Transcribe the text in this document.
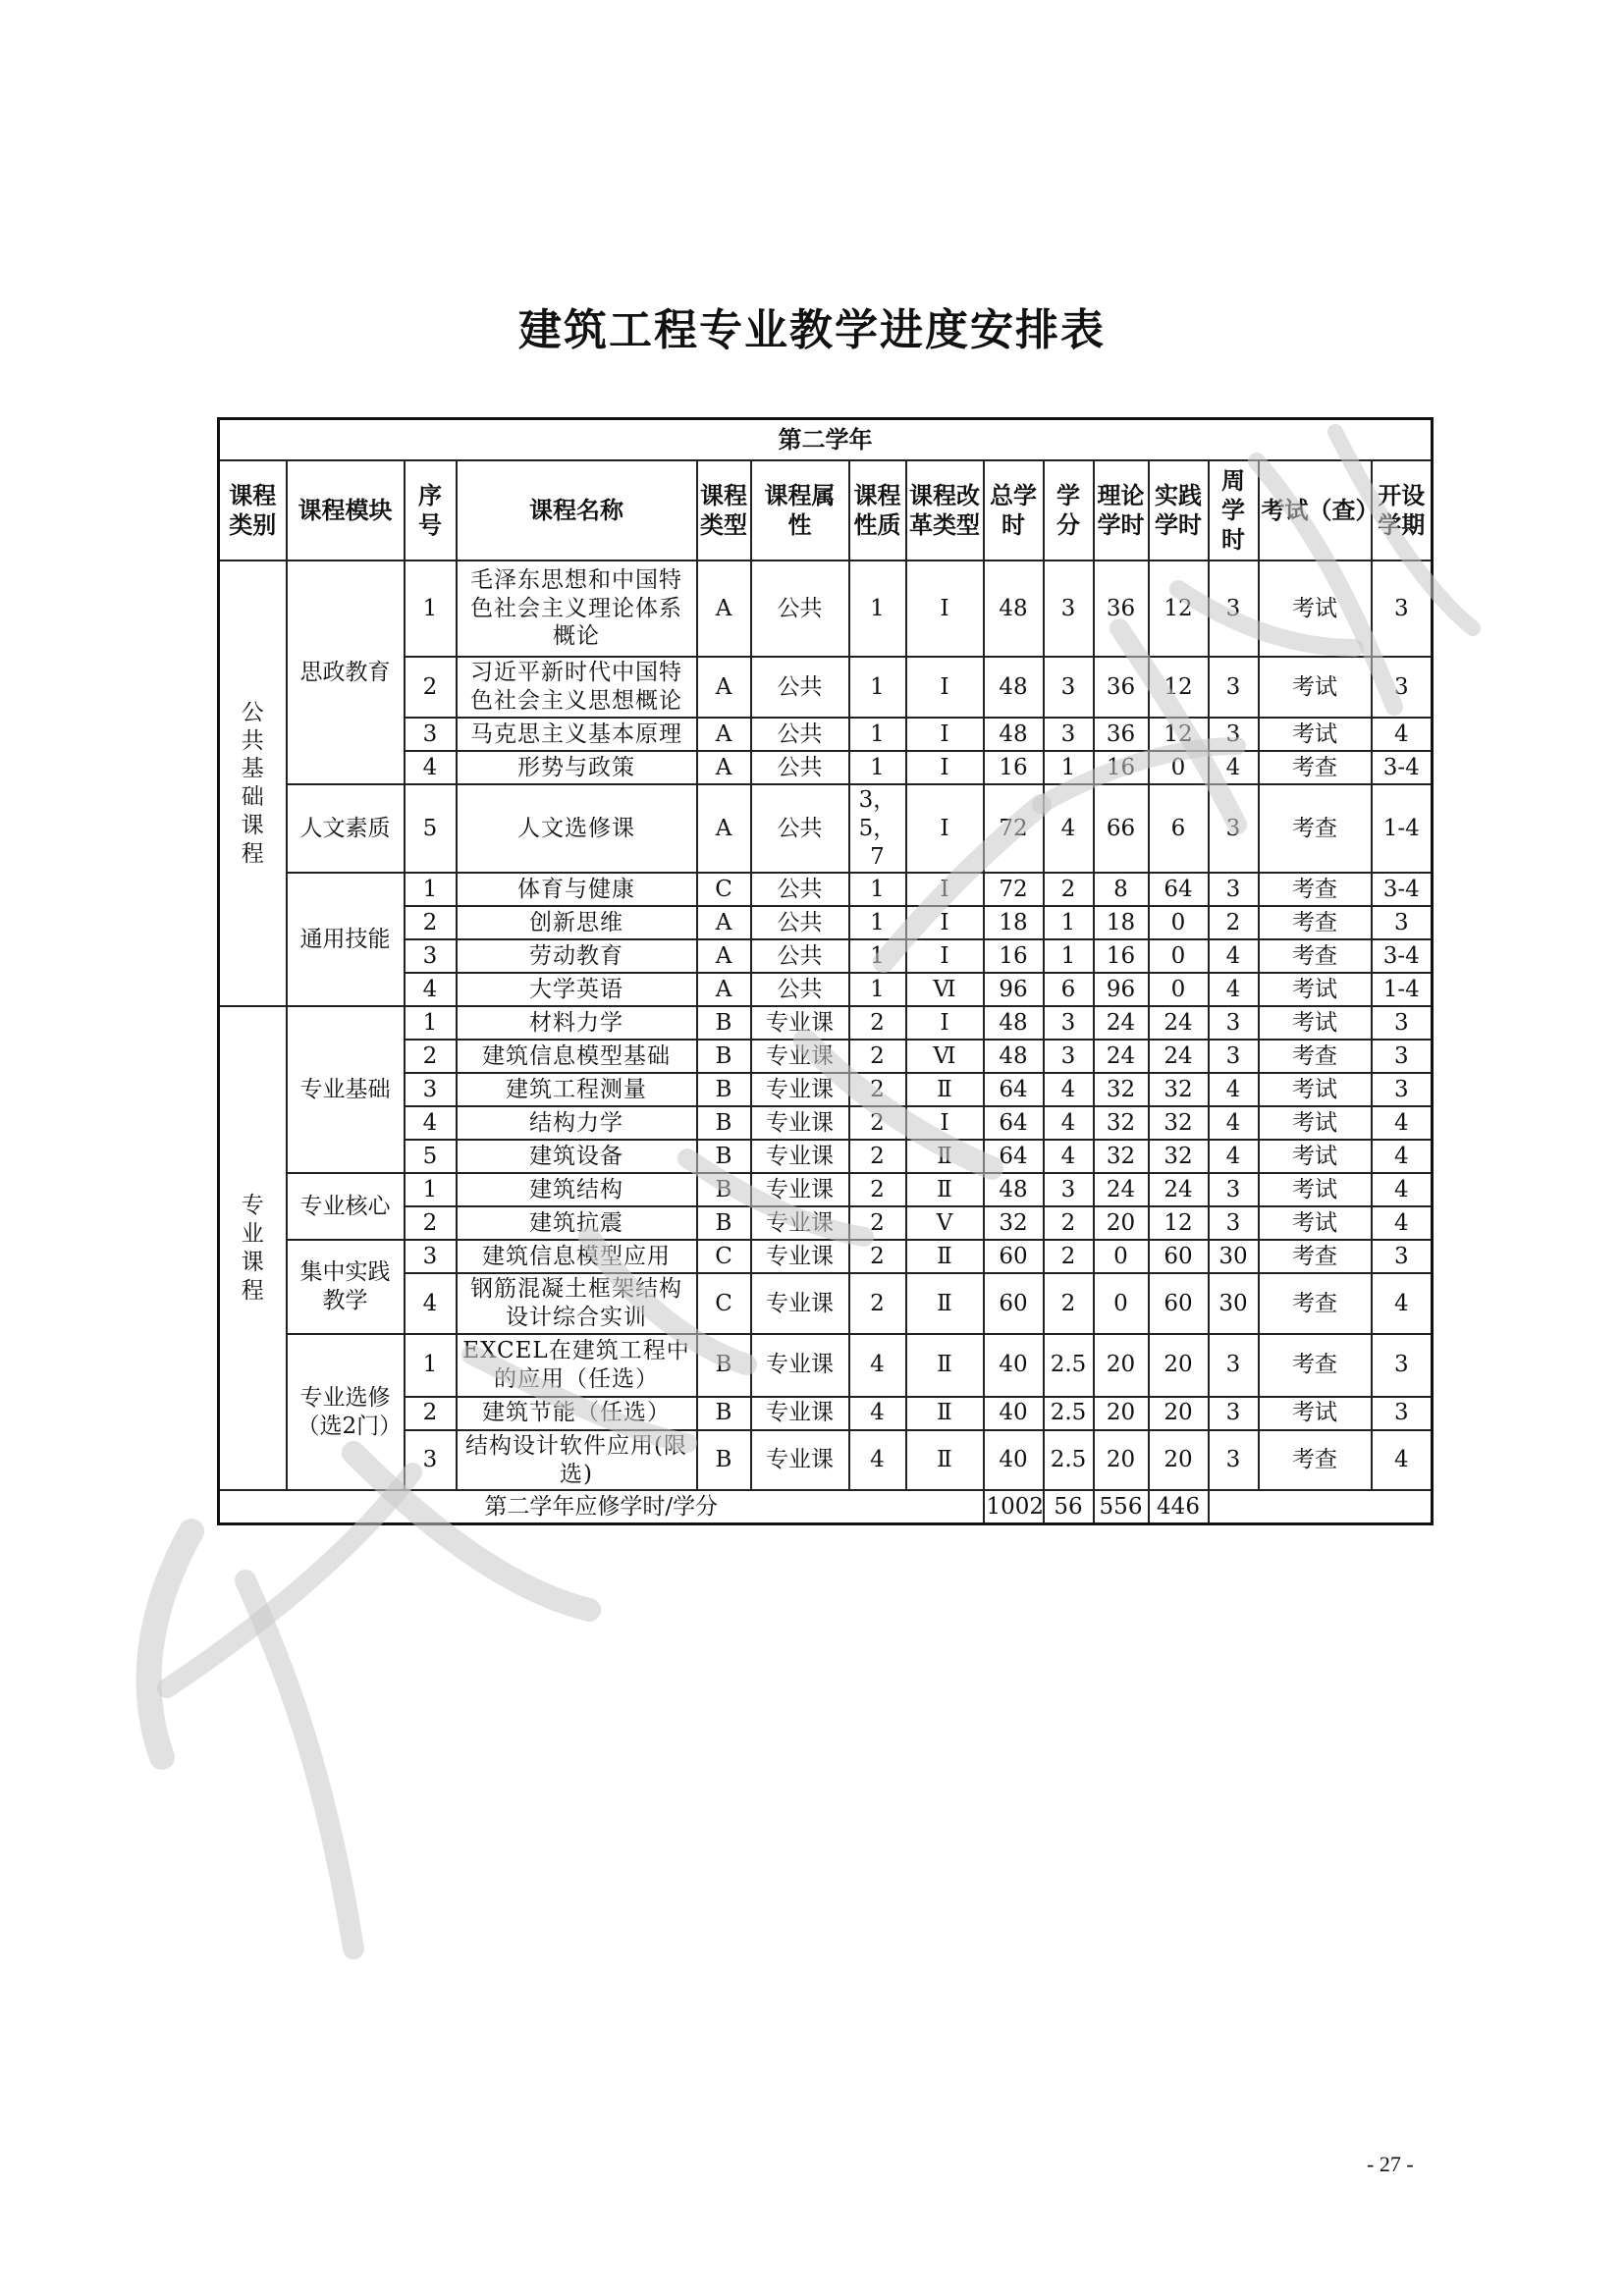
建筑工程专业教学进度安排表
第二学年														
课程类别	课程模块	序号	课程名称	课程类型	课程属性	课程性质	课程改革类型	总学时	学分	理论学时	实践学时	周学时	考试（查）	开设学期
公共基础课程	思政教育	1	毛泽东思想和中国特色社会主义理论体系概论	A	公共	1	Ⅰ	48	3	36	12	3	考试	3
		2	习近平新时代中国特色社会主义思想概论	A	公共	1	Ⅰ	48	3	36	12	3	考试	3
		3	马克思主义基本原理	A	公共	1	Ⅰ	48	3	36	12	3	考试	4
		4	形势与政策	A	公共	1	Ⅰ	16	1	16	0	4	考查	3-4
	人文素质	5	人文选修课	A	公共	3，5，7	Ⅰ	72	4	66	6	3	考查	1-4
	通用技能	1	体育与健康	C	公共	1	Ⅰ	72	2	8	64	3	考查	3-4
		2	创新思维	A	公共	1	Ⅰ	18	1	18	0	2	考查	3
		3	劳动教育	A	公共	1	Ⅰ	16	1	16	0	4	考查	3-4
		4	大学英语	A	公共	1	Ⅵ	96	6	96	0	4	考试	1-4
专业课程	专业基础	1	材料力学	B	专业课	2	Ⅰ	48	3	24	24	3	考试	3
		2	建筑信息模型基础	B	专业课	2	Ⅵ	48	3	24	24	3	考查	3
		3	建筑工程测量	B	专业课	2	Ⅱ	64	4	32	32	4	考试	3
		4	结构力学	B	专业课	2	Ⅰ	64	4	32	32	4	考试	4
		5	建筑设备	B	专业课	2	Ⅱ	64	4	32	32	4	考试	4
	专业核心	1	建筑结构	B	专业课	2	Ⅱ	48	3	24	24	3	考试	4
		2	建筑抗震	B	专业课	2	Ⅴ	32	2	20	12	3	考试	4
	集中实践教学	3	建筑信息模型应用	C	专业课	2	Ⅱ	60	2	0	60	30	考查	3
		4	钢筋混凝土框架结构设计综合实训	C	专业课	2	Ⅱ	60	2	0	60	30	考查	4
	专业选修（选2门）	1	EXCEL在建筑工程中的应用（任选）	B	专业课	4	Ⅱ	40	2.5	20	20	3	考查	3
		2	建筑节能（任选）	B	专业课	4	Ⅱ	40	2.5	20	20	3	考试	3
		3	结构设计软件应用(限选)	B	专业课	4	Ⅱ	40	2.5	20	20	3	考查	4
第二学年应修学时/学分								1002	56	556	446			
- 27 -
